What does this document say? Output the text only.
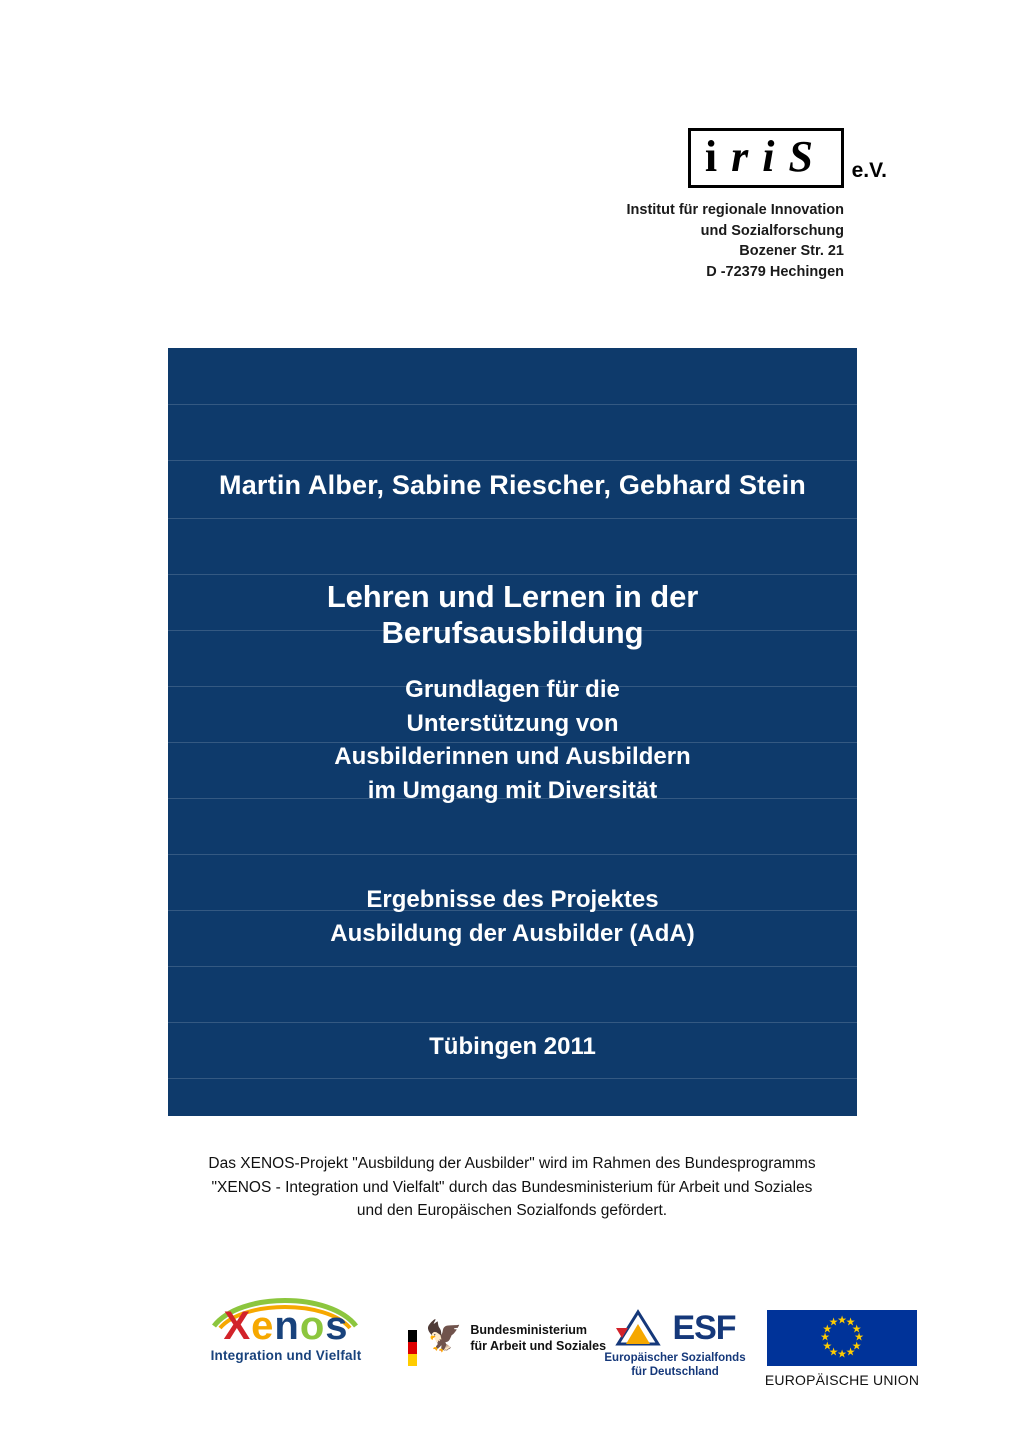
iriS e.V.
Institut für regionale Innovation
und Sozialforschung
Bozener Str. 21
D -72379 Hechingen
Martin Alber, Sabine Riescher, Gebhard Stein
Lehren und Lernen in der Berufsausbildung
Grundlagen für die
Unterstützung von
Ausbilderinnen und Ausbildern
im Umgang mit Diversität
Ergebnisse des Projektes
Ausbildung der Ausbilder (AdA)
Tübingen 2011
Das XENOS-Projekt "Ausbildung der Ausbilder" wird im Rahmen des Bundesprogramms
"XENOS - Integration und Vielfalt" durch das Bundesministerium für Arbeit und Soziales
und den Europäischen Sozialfonds gefördert.
Xenos
Integration und Vielfalt
🦅 Bundesministerium
für Arbeit und Soziales ESF
Europäischer Sozialfonds
für Deutschland
★
★
★
★
★
★
★
★
★
★
★
★
EUROPÄISCHE UNION
